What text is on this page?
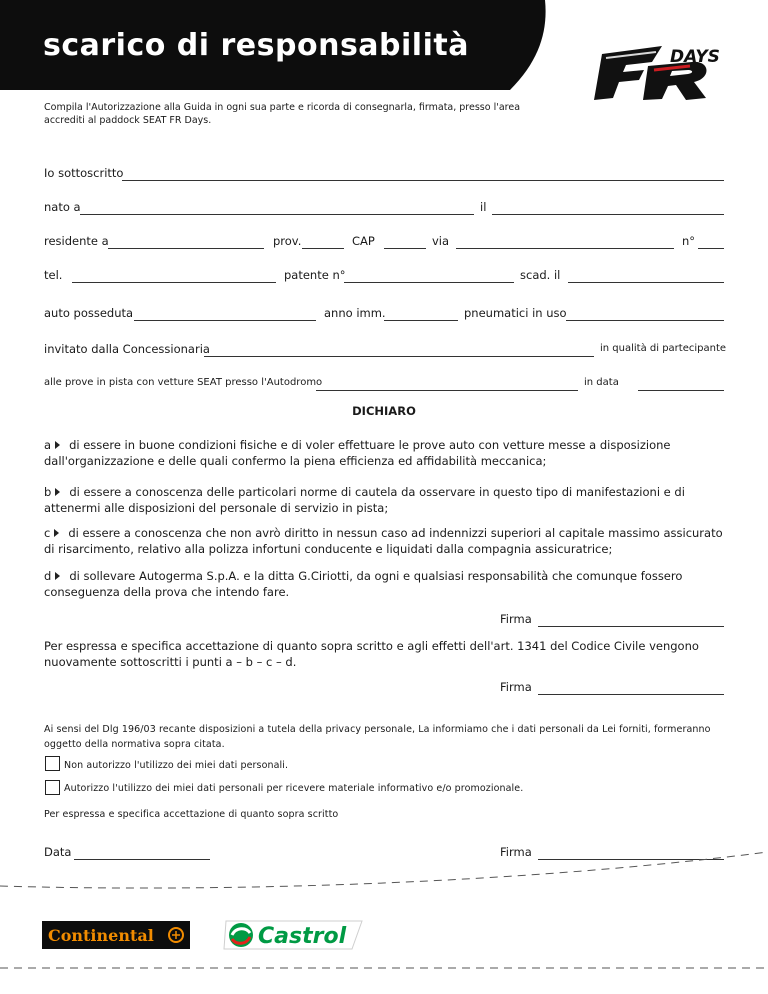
scarico di responsabilità	DAYS
Compila l'Autorizzazione alla Guida in ogni sua parte e ricorda di consegnarla, firmata, presso l'area accrediti al paddock SEAT FR Days.
Io sottoscritto
nato a	il
residente a	prov.	CAP	via	n°
tel.	patente n°	scad. il
auto posseduta	anno imm.	pneumatici in uso
invitato dalla Concessionaria	in qualità di partecipante
alle prove in pista con vetture SEAT presso l'Autodromo	in data
DICHIARO
a di essere in buone condizioni fisiche e di voler effettuare le prove auto con vetture messe a disposizione dall'organizzazione e delle quali confermo la piena efficienza ed affidabilità meccanica;
b di essere a conoscenza delle particolari norme di cautela da osservare in questo tipo di manifestazioni e di attenermi alle disposizioni del personale di servizio in pista;
c di essere a conoscenza che non avrò diritto in nessun caso ad indennizzi superiori al capitale massimo assicurato di risarcimento, relativo alla polizza infortuni conducente e liquidati dalla compagnia assicuratrice;
d di sollevare Autogerma S.p.A. e la ditta G.Ciriotti, da ogni e qualsiasi responsabilità che comunque fossero conseguenza della prova che intendo fare.
Firma
Per espressa e specifica accettazione di quanto sopra scritto e agli effetti dell'art. 1341 del Codice Civile vengono nuovamente sottoscritti i punti a – b – c – d.
Firma
Ai sensi del Dlg 196/03 recante disposizioni a tutela della privacy personale, La informiamo che i dati personali da Lei forniti, formeranno oggetto della normativa sopra citata.
Non autorizzo l'utilizzo dei miei dati personali.
Autorizzo l'utilizzo dei miei dati personali per ricevere materiale informativo e/o promozionale.
Per espressa e specifica accettazione di quanto sopra scritto
Data	Firma
Continental	Castrol
